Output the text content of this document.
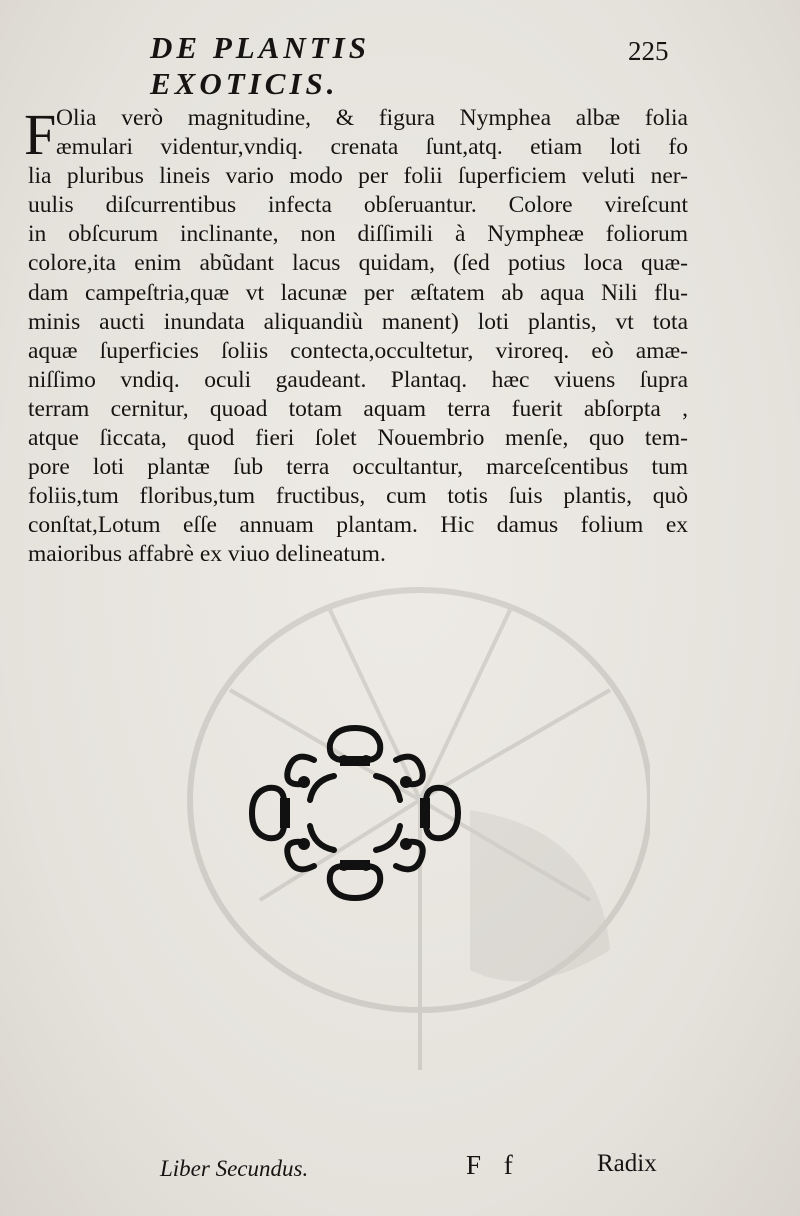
DE PLANTIS EXOTICIS.
225
F Olia verò magnitudine, & figura Nymphea albæ folia
æmulari videntur,vndiq. crenata ſunt,atq. etiam loti fo
lia pluribus lineis vario modo per folii ſuperficiem veluti ner-
uulis diſcurrentibus infecta obſeruantur. Colore vireſcunt
in obſcurum inclinante, non diſſimili à Nympheæ foliorum
colore,ita enim abũdant lacus quidam, (ſed potius loca quæ-
dam campeſtria,quæ vt lacunæ per æſtatem ab aqua Nili flu-
minis aucti inundata aliquandiù manent) loti plantis, vt tota
aquæ ſuperficies ſoliis contecta,occultetur, viroreq. eò amæ-
niſſimo vndiq. oculi gaudeant. Plantaq. hæc viuens ſupra
terram cernitur, quoad totam aquam terra fuerit abſorpta ,
atque ſiccata, quod fieri ſolet Nouembrio menſe, quo tem-
pore loti plantæ ſub terra occultantur, marceſcentibus tum
foliis,tum floribus,tum fructibus, cum totis ſuis plantis, quò
conſtat,Lotum eſſe annuam plantam. Hic damus folium ex
maioribus affabrè ex viuo delineatum.
Liber Secundus.	F f	Radix
